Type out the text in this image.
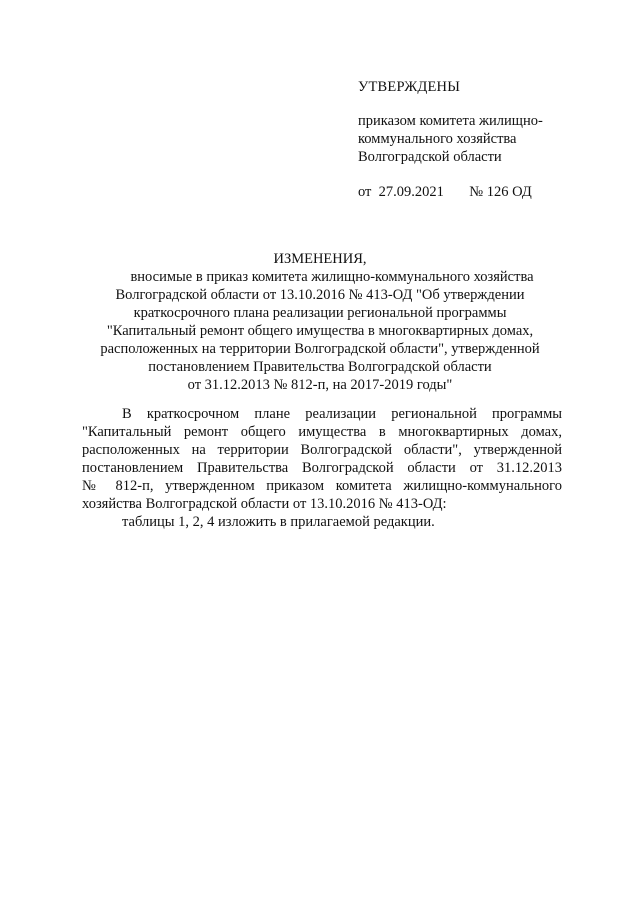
УТВЕРЖДЕНЫ
приказом комитета жилищно-
коммунального хозяйства
Волгоградской области
от 27.09.2021 № 126 ОД
ИЗМЕНЕНИЯ,
вносимые в приказ комитета жилищно-коммунального хозяйства
Волгоградской области от 13.10.2016 № 413-ОД "Об утверждении
краткосрочного плана реализации региональной программы
"Капитальный ремонт общего имущества в многоквартирных домах,
расположенных на территории Волгоградской области", утвержденной
постановлением Правительства Волгоградской области
от 31.12.2013 № 812-п, на 2017-2019 годы"
В краткосрочном плане реализации региональной программы
"Капитальный ремонт общего имущества в многоквартирных домах,
расположенных на территории Волгоградской области", утвержденной
постановлением Правительства Волгоградской области от 31.12.2013
№ 812-п, утвержденном приказом комитета жилищно-коммунального
хозяйства Волгоградской области от 13.10.2016 № 413-ОД:
таблицы 1, 2, 4 изложить в прилагаемой редакции.
